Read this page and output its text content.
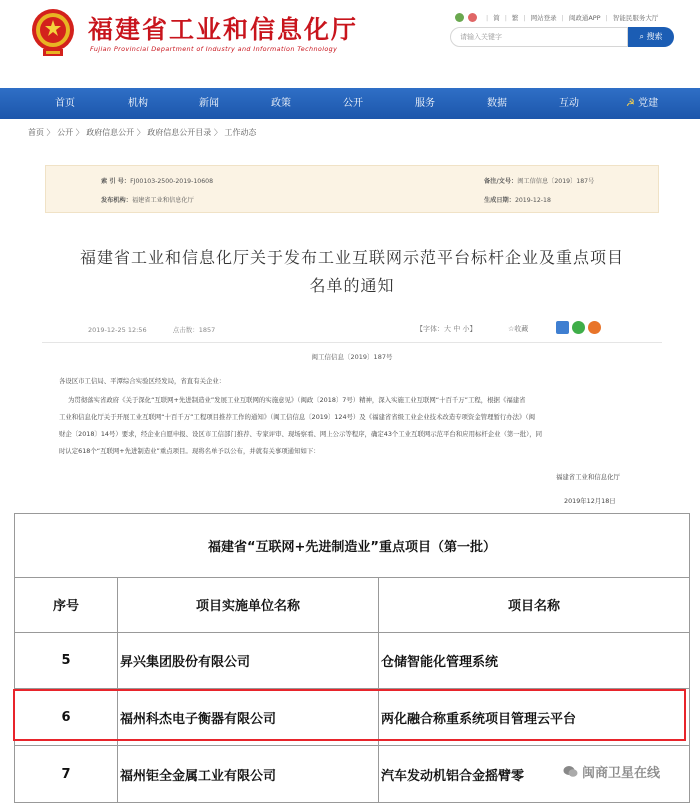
福建省工业和信息化厅
Fujian Provincial Department of Industry and Information Technology
| 简 | 繁 | 网站登录 | 闽政通APP | 智能民服务大厅
请输入关键字	⌕ 搜索
首页	机构	新闻	政策	公开	服务	数据	互动	☭ 党建
首页 〉 公开 〉 政府信息公开 〉 政府信息公开目录 〉 工作动态
索 引 号：FJ00103-2500-2019-10608
发布机构：福建省工业和信息化厅
备注/文号：闽工信信息〔2019〕187号
生成日期：2019-12-18
福建省工业和信息化厅关于发布工业互联网示范平台标杆企业及重点项目
名单的通知
2019-12-25 12:56	点击数：1857	【字体：大 中 小】	☆收藏
闽工信信息〔2019〕187号
各设区市工信局、平潭综合实验区经发局，省直有关企业：
为贯彻落实省政府《关于深化“互联网+先进制造业”发展工业互联网的实施意见》（闽政〔2018〕7号）精神，深入实施工业互联网“十百千万”工程，根据《福建省
工业和信息化厅关于开展工业互联网“十百千万”工程项目推荐工作的通知》（闽工信信息〔2019〕124号）及《福建省省级工业企业技术改造专项资金管理暂行办法》（闽
财企〔2018〕14号）要求，经企业自愿申报、设区市工信部门推荐、专家评审、现场察看、网上公示等程序，确定43个工业互联网示范平台和应用标杆企业（第一批），同
时认定618个“互联网+先进制造业”重点项目。现将名单予以公布，并就有关事项通知如下：
福建省工业和信息化厅
2019年12月18日
福建省“互联网+先进制造业”重点项目（第一批）		
序号	项目实施单位名称	项目名称
5	昇兴集团股份有限公司	仓储智能化管理系统
6	福州科杰电子衡器有限公司	两化融合称重系统项目管理云平台
7	福州钜全金属工业有限公司	汽车发动机铝合金摇臂零	闽商卫星在线
